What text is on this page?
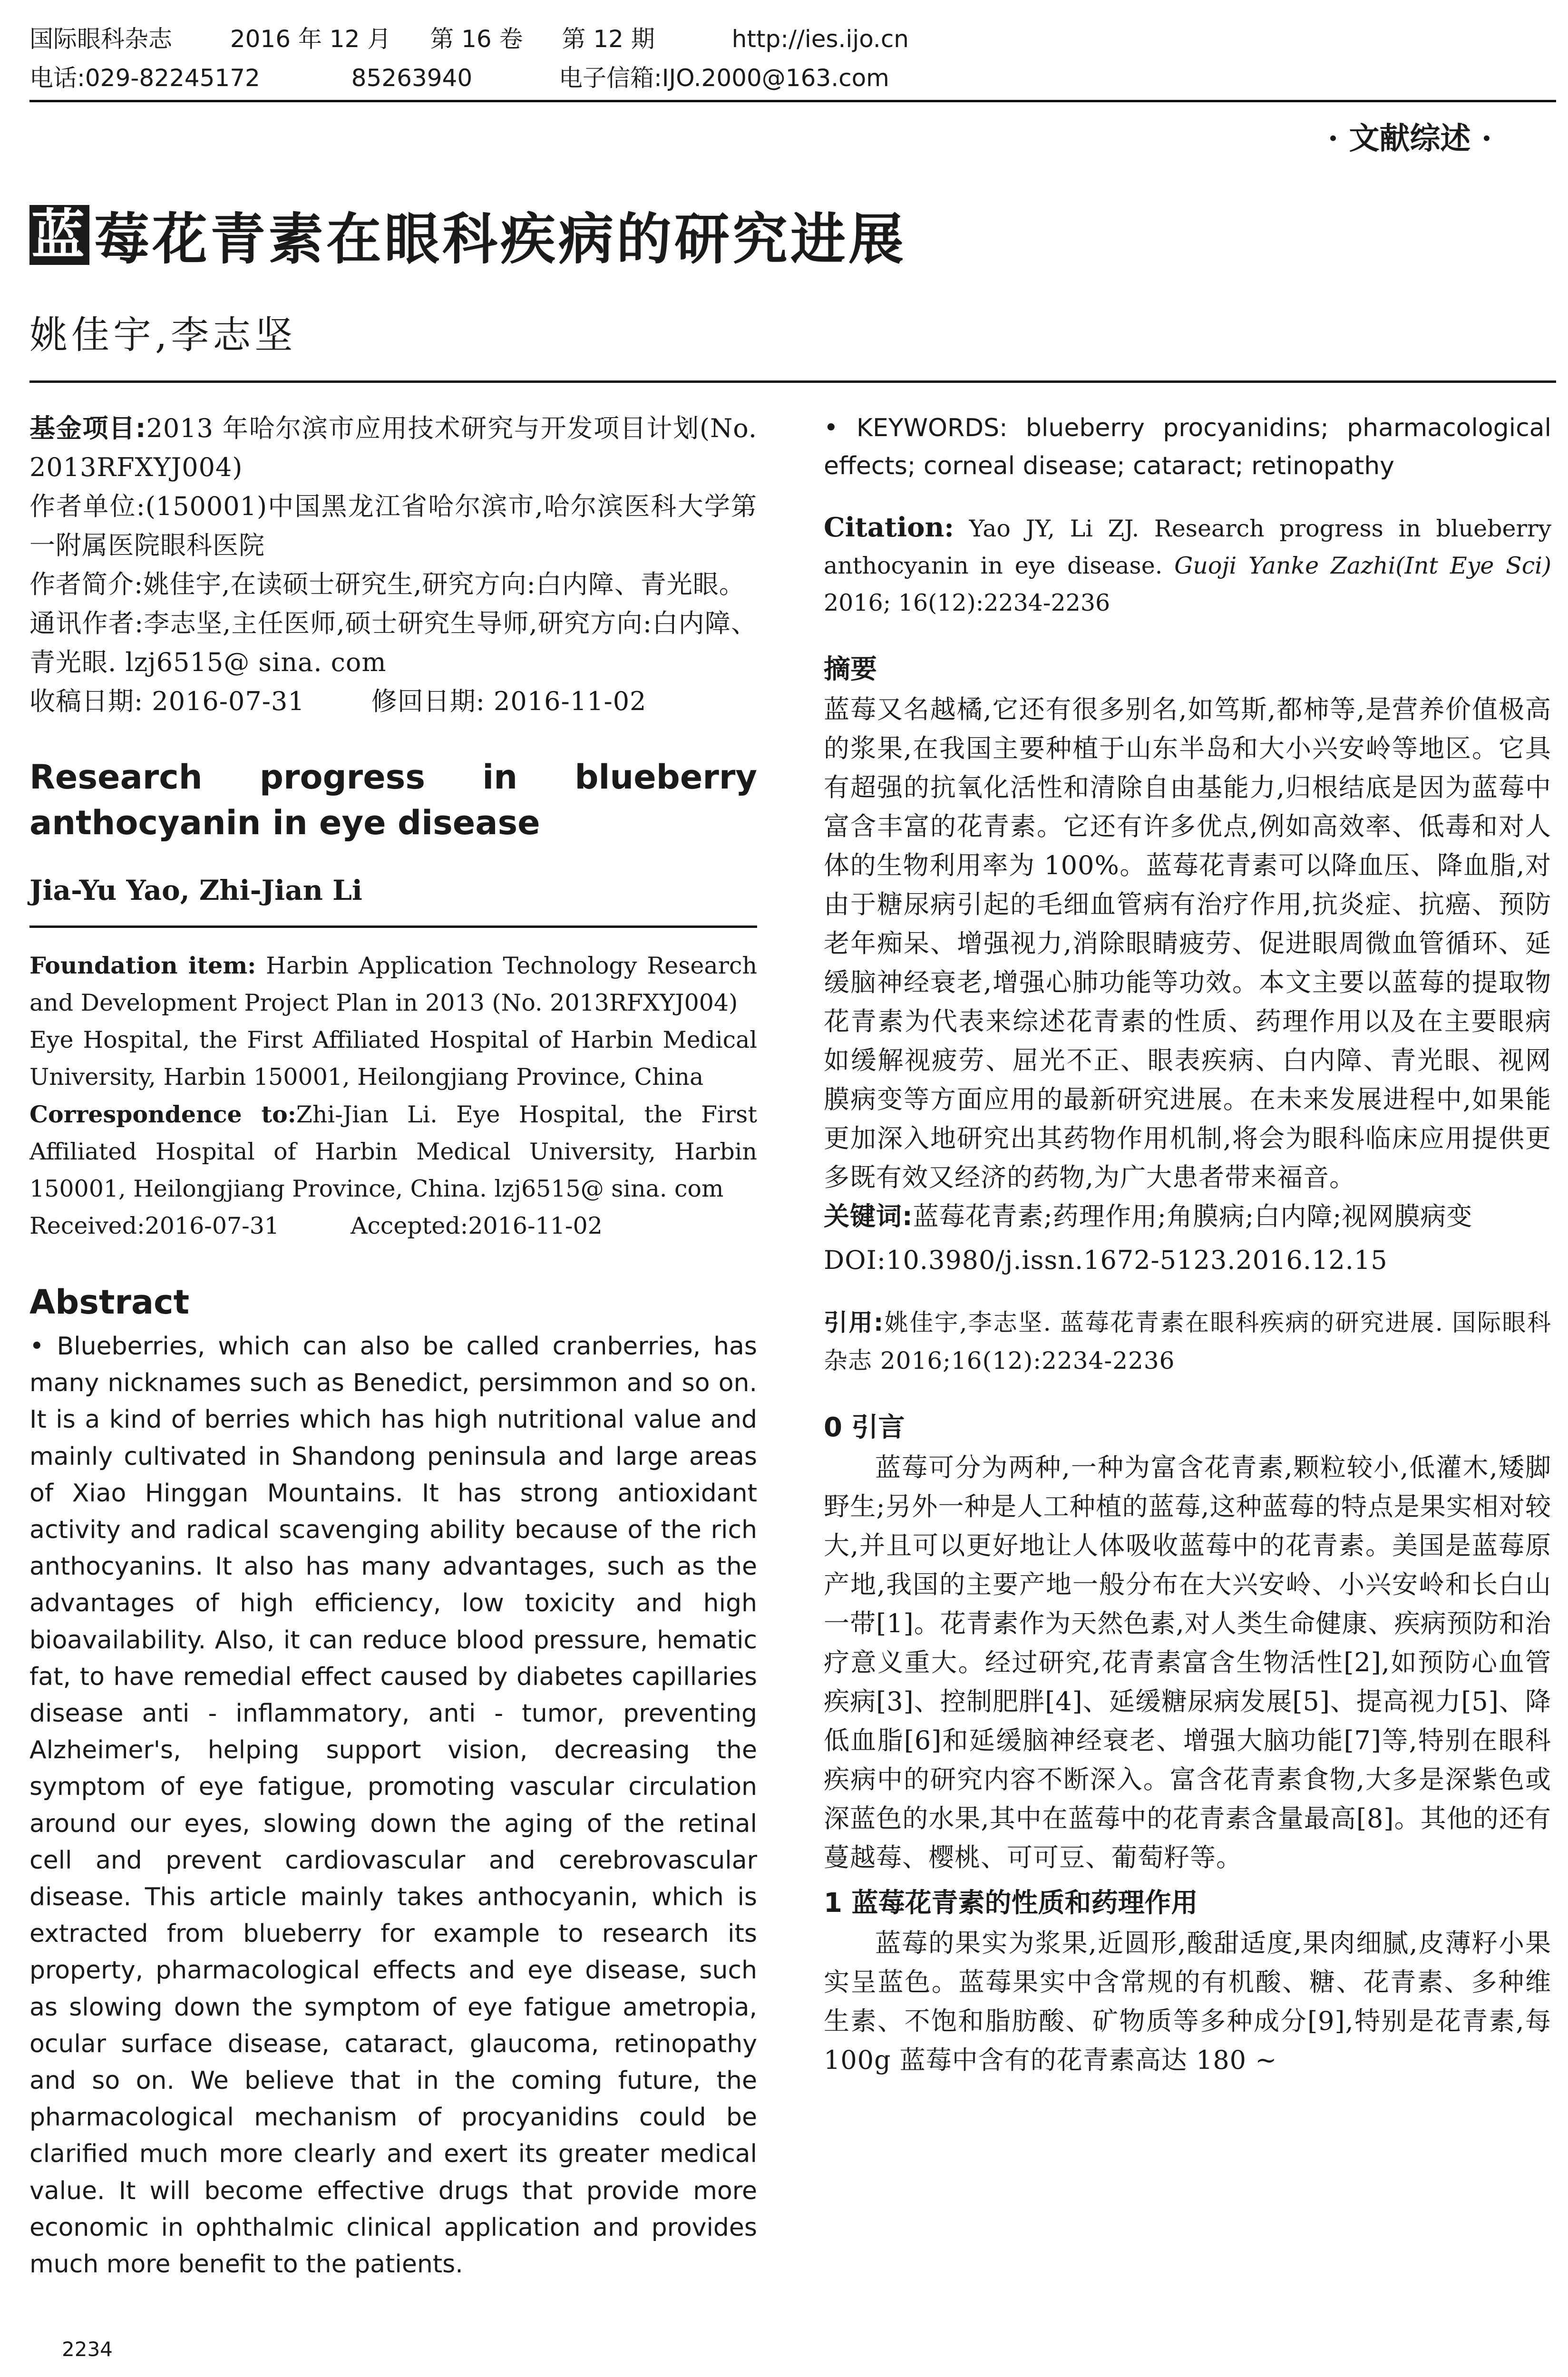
国际眼科杂志 2016 年 12 月 第 16 卷 第 12 期	http://ies.ijo.cn
电话:029-82245172	85263940	电子信箱:IJO.2000@163.com
· 文献综述 ·
蓝 莓花青素在眼科疾病的研究进展
姚佳宇,李志坚

基金项目:2013 年哈尔滨市应用技术研究与开发项目计划(No. 2013RFXYJ004)

作者单位:(150001)中国黑龙江省哈尔滨市,哈尔滨医科大学第一附属医院眼科医院

作者简介:姚佳宇,在读硕士研究生,研究方向:白内障、青光眼。

通讯作者:李志坚,主任医师,硕士研究生导师,研究方向:白内障、青光眼. lzj6515@ sina. com

收稿日期: 2016-07-31	修回日期: 2016-11-02

Research progress in blueberry anthocyanin in eye disease

Jia-Yu Yao, Zhi-Jian Li

Foundation item: Harbin Application Technology Research and Development Project Plan in 2013 (No. 2013RFXYJ004)

Eye Hospital, the First Affiliated Hospital of Harbin Medical University, Harbin 150001, Heilongjiang Province, China

Correspondence to:Zhi-Jian Li. Eye Hospital, the First Affiliated Hospital of Harbin Medical University, Harbin 150001, Heilongjiang Province, China. lzj6515@ sina. com

Received:2016-07-31	Accepted:2016-11-02

Abstract

• Blueberries, which can also be called cranberries, has many nicknames such as Benedict, persimmon and so on. It is a kind of berries which has high nutritional value and mainly cultivated in Shandong peninsula and large areas of Xiao Hinggan Mountains. It has strong antioxidant activity and radical scavenging ability because of the rich anthocyanins. It also has many advantages, such as the advantages of high efficiency, low toxicity and high bioavailability. Also, it can reduce blood pressure, hematic fat, to have remedial effect caused by diabetes capillaries disease anti - inflammatory, anti - tumor, preventing Alzheimer's, helping support vision, decreasing the symptom of eye fatigue, promoting vascular circulation around our eyes, slowing down the aging of the retinal cell and prevent cardiovascular and cerebrovascular disease. This article mainly takes anthocyanin, which is extracted from blueberry for example to research its property, pharmacological effects and eye disease, such as slowing down the symptom of eye fatigue ametropia, ocular surface disease, cataract, glaucoma, retinopathy and so on. We believe that in the coming future, the pharmacological mechanism of procyanidins could be clarified much more clearly and exert its greater medical value. It will become effective drugs that provide more economic in ophthalmic clinical application and provides much more benefit to the patients.

• KEYWORDS: blueberry procyanidins; pharmacological effects; corneal disease; cataract; retinopathy

Citation: Yao JY, Li ZJ. Research progress in blueberry anthocyanin in eye disease. Guoji Yanke Zazhi(Int Eye Sci) 2016; 16(12):2234-2236

摘要

蓝莓又名越橘,它还有很多别名,如笃斯,都柿等,是营养价值极高的浆果,在我国主要种植于山东半岛和大小兴安岭等地区。它具有超强的抗氧化活性和清除自由基能力,归根结底是因为蓝莓中富含丰富的花青素。它还有许多优点,例如高效率、低毒和对人体的生物利用率为 100%。蓝莓花青素可以降血压、降血脂,对由于糖尿病引起的毛细血管病有治疗作用,抗炎症、抗癌、预防老年痴呆、增强视力,消除眼睛疲劳、促进眼周微血管循环、延缓脑神经衰老,增强心肺功能等功效。本文主要以蓝莓的提取物花青素为代表来综述花青素的性质、药理作用以及在主要眼病如缓解视疲劳、屈光不正、眼表疾病、白内障、青光眼、视网膜病变等方面应用的最新研究进展。在未来发展进程中,如果能更加深入地研究出其药物作用机制,将会为眼科临床应用提供更多既有效又经济的药物,为广大患者带来福音。

关键词:蓝莓花青素;药理作用;角膜病;白内障;视网膜病变

DOI:10.3980/j.issn.1672-5123.2016.12.15

引用:姚佳宇,李志坚. 蓝莓花青素在眼科疾病的研究进展. 国际眼科杂志 2016;16(12):2234-2236

0 引言

蓝莓可分为两种,一种为富含花青素,颗粒较小,低灌木,矮脚野生;另外一种是人工种植的蓝莓,这种蓝莓的特点是果实相对较大,并且可以更好地让人体吸收蓝莓中的花青素。美国是蓝莓原产地,我国的主要产地一般分布在大兴安岭、小兴安岭和长白山一带[1]。花青素作为天然色素,对人类生命健康、疾病预防和治疗意义重大。经过研究,花青素富含生物活性[2],如预防心血管疾病[3]、控制肥胖[4]、延缓糖尿病发展[5]、提高视力[5]、降低血脂[6]和延缓脑神经衰老、增强大脑功能[7]等,特别在眼科疾病中的研究内容不断深入。富含花青素食物,大多是深紫色或深蓝色的水果,其中在蓝莓中的花青素含量最高[8]。其他的还有蔓越莓、樱桃、可可豆、葡萄籽等。

1 蓝莓花青素的性质和药理作用

蓝莓的果实为浆果,近圆形,酸甜适度,果肉细腻,皮薄籽小果实呈蓝色。蓝莓果实中含常规的有机酸、糖、花青素、多种维生素、不饱和脂肪酸、矿物质等多种成分[9],特别是花青素,每 100g 蓝莓中含有的花青素高达 180 ~

2234
